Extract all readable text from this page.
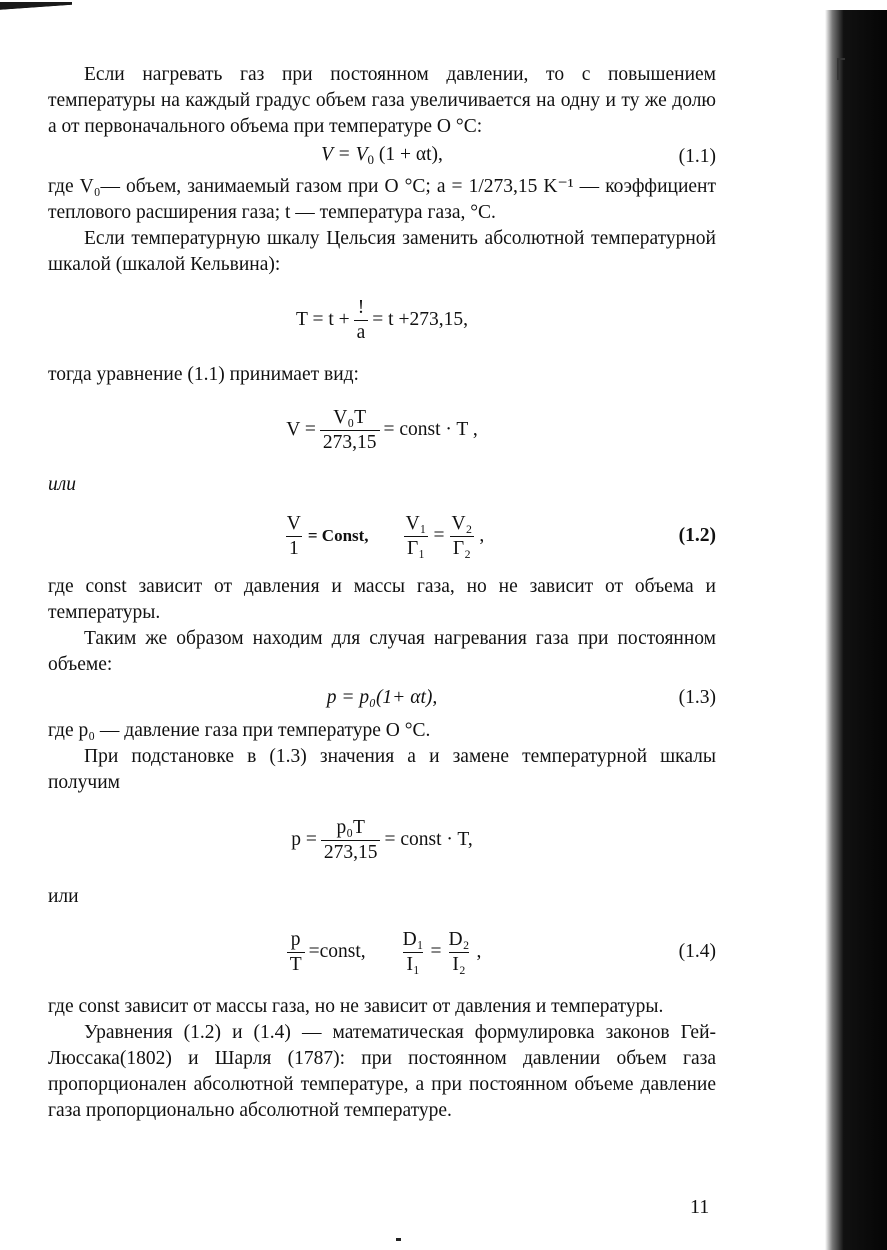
Если нагревать газ при постоянном давлении, то с повышением температуры на каждый градус объем газа увеличивается на одну и ту же долю a от первоначального объема при температуре О °С:

$V = V_0$ (1 + αt),	(1.1)

где V₀— объем, занимаемый газом при О °С; a = 1/273,15 K⁻¹ — коэффициент теплового расширения газа; t — температура газа, °С.

Если температурную шкалу Цельсия заменить абсолютной температурной шкалой (шкалой Кельвина):

$T = t + \frac{!}{a} = t +273,15$,

тогда уравнение (1.1) принимает вид:

$V = \frac{\text{V₀T}}{273,15}$ = const · T ,

или

$\frac{V}{1}$ = Const, $\frac{\text{V₁}}{\text{Г₁}} = \frac{\text{V₂}}{\text{Г₂}}$ ,	(1.2)

где const зависит от давления и массы газа, но не зависит от объема и температуры.

Таким же образом находим для случая нагревания газа при постоянном объеме:

p = p₀(1+ αt),	(1.3)

где p₀ — давление газа при температуре О °С.

При подстановке в (1.3) значения a и замене температурной шкалы получим

$p = \frac{\text{p₀T}}{273,15}$ = const · T,

или

$\frac{p}{T}$ =const, $\frac{\text{D₁}}{\text{I₁}} = \frac{\text{D₂}}{\text{I₂}}$ ,	(1.4)

где const зависит от массы газа, но не зависит от давления и температуры.

Уравнения (1.2) и (1.4) — математическая формулировка законов Гей-Люссака(1802) и Шарля (1787): при постоянном давлении объем газа пропорционален абсолютной температуре, а при постоянном объеме давление газа пропорционально абсолютной температуре.

11
